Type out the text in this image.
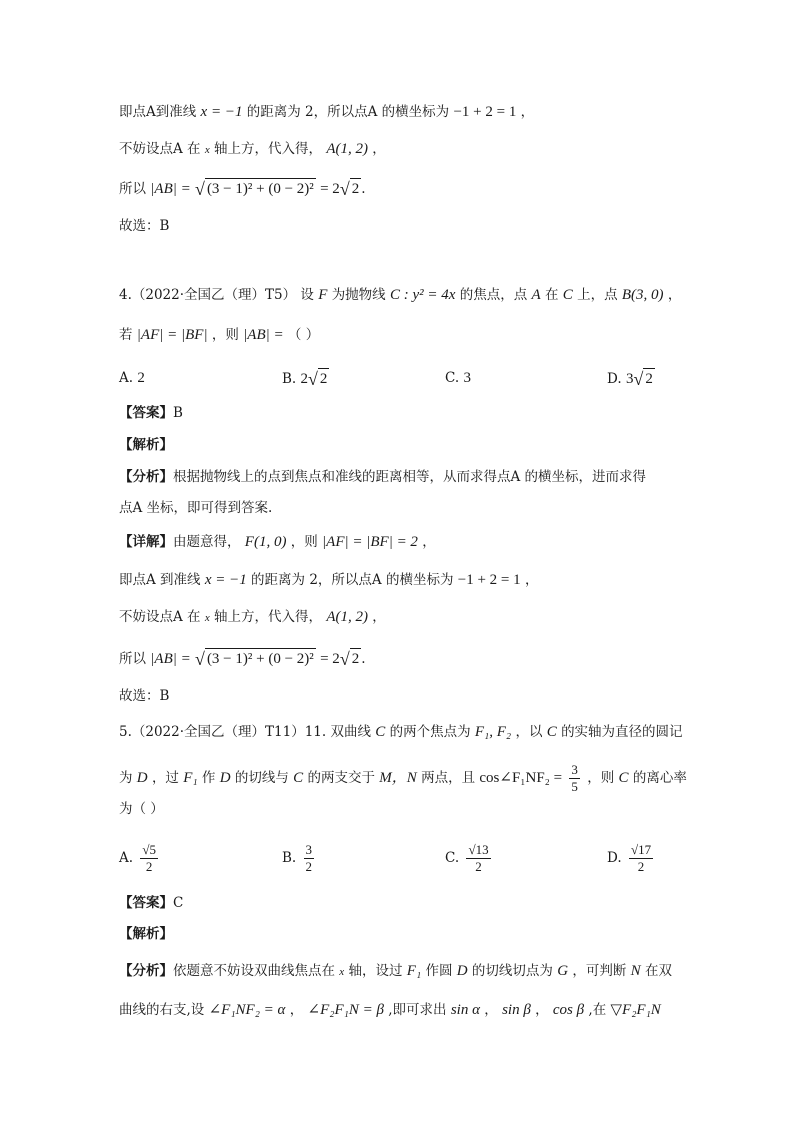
即点A到准线 x = −1 的距离为 2，所以点A 的横坐标为 −1 + 2 = 1 ，
不妨设点A 在 x 轴上方，代入得， A(1, 2) ，
所以 |AB| = √ (3 − 1)² + (0 − 2)² = 2√ 2 .
故选：B
4.（2022·全国乙（理）T5） 设 F 为抛物线 C : y² = 4x 的焦点，点 A 在 C 上，点 B(3, 0) ，
若 |AF| = |BF| ，则 |AB| = （ ）
A. 2	B. 2√ 2	C. 3	D. 3√ 2
【答案】B
【解析】
【分析】根据抛物线上的点到焦点和准线的距离相等，从而求得点A 的横坐标，进而求得
点A 坐标，即可得到答案.
【详解】由题意得， F(1, 0) ，则 |AF| = |BF| = 2 ，
即点A 到准线 x = −1 的距离为 2，所以点A 的横坐标为 −1 + 2 = 1 ，
不妨设点A 在 x 轴上方，代入得， A(1, 2) ，
所以 |AB| = √ (3 − 1)² + (0 − 2)² = 2√ 2 .
故选：B
5.（2022·全国乙（理）T11）11. 双曲线 C 的两个焦点为 F₁, F₂ ，以 C 的实轴为直径的圆记
为 D ，过 F₁ 作 D 的切线与 C 的两支交于 M，N 两点，且 cos∠F₁NF₂ = $\frac{3}{5}$ ，则 C 的离心率
为（ ）
A. $\frac{√5}{2}$	B. $\frac{3}{2}$	C. $\frac{√13}{2}$	D. $\frac{√17}{2}$
【答案】C
【解析】
【分析】依题意不妨设双曲线焦点在 x 轴，设过 F₁ 作圆 D 的切线切点为 G ，可判断 N 在双
曲线的右支,设 ∠F₁NF₂ = α ， ∠F₂F₁N = β ,即可求出 sin α ， sin β ， cos β ,在 ▽F₂F₁N
